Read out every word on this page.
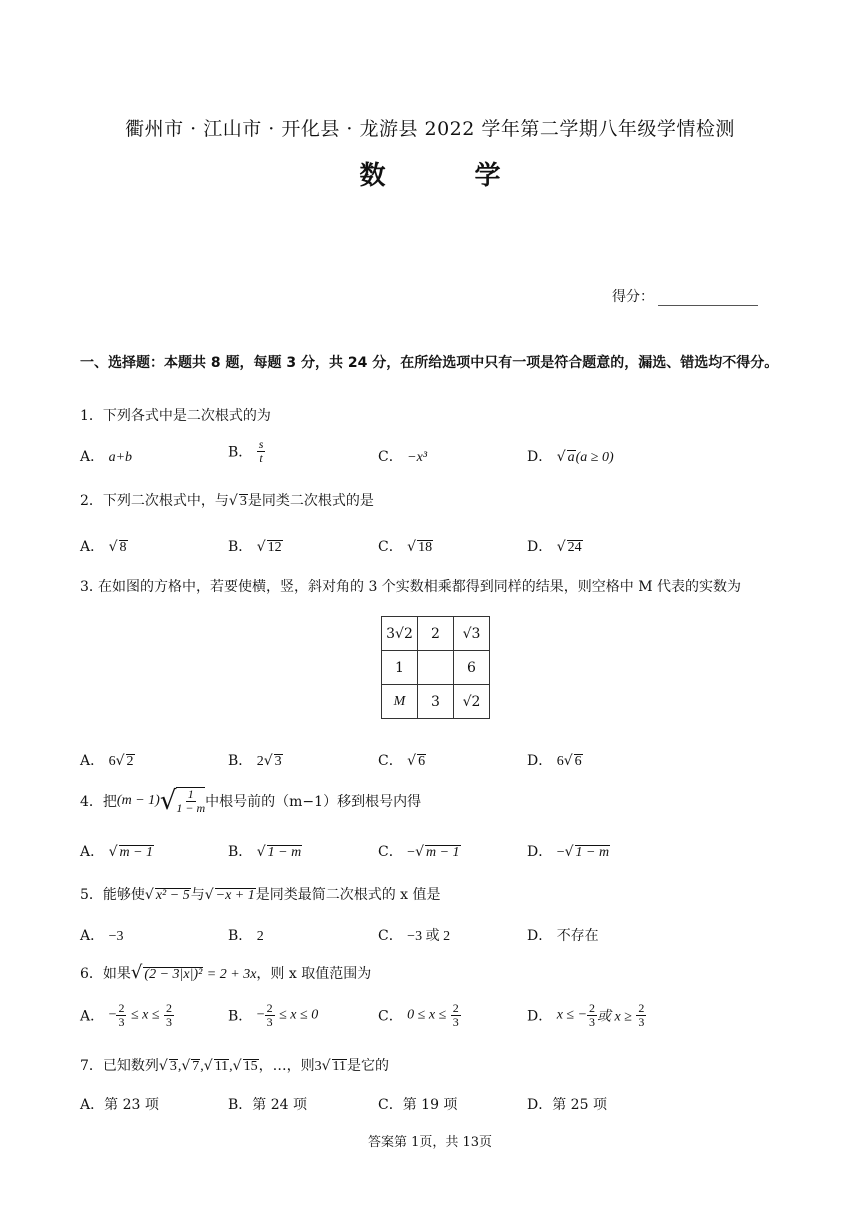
衢州市 · 江山市 · 开化县 · 龙游县 2022 学年第二学期八年级学情检测
数 学
得分：
一、选择题：本题共 8 题，每题 3 分，共 24 分，在所给选项中只有一项是符合题意的，漏选、错选均不得分。
1．下列各式中是二次根式的为
A． a+b	B． $\frac{s}{t}$	C． −x³	D． √ a(a ≥ 0)
2．下列二次根式中，与√ 3是同类二次根式的是
A． √ 8	B． √ 12	C． √ 18	D． √ 24
在如图的方格中，若要使横，竖，斜对角的 3 个实数相乘都得到同样的结果，则空格中 M 代表的实数为
3．
3√2	2	√3
1		6
M	3	√2
A． 6√ 2	B． 2√ 3	C． √ 6	D． 6√ 6
4．把$(m - 1)√ \frac{1}{1 - m}$ 中根号前的（m−1）移到根号内得
A． √ m − 1	B． √ 1 − m	C． −√ m − 1	D． −√ 1 − m
5．能够使√ x² − 5与√ −x + 1是同类最简二次根式的 x 值是
A． −3	B． 2	C． −3 或 2	D． 不存在
6．如果√ (2 − 3|x|)² = 2 + 3x，则 x 取值范围为
A． − $\frac{2}{3} \le x \le \frac{2}{3}$	B． − $\frac{2}{3} \le x \le 0$	C． $0 \le x \le \frac{2}{3}$	D． x ≤ − $\frac{2}{3}$ 或 $x \ge \frac{2}{3}$
7．已知数列√ 3,√ 7,√ 11,√ 15，…，则3√ 11是它的
A．第 23 项	B．第 24 项	C．第 19 项	D．第 25 项
答案第 1页，共 13页
